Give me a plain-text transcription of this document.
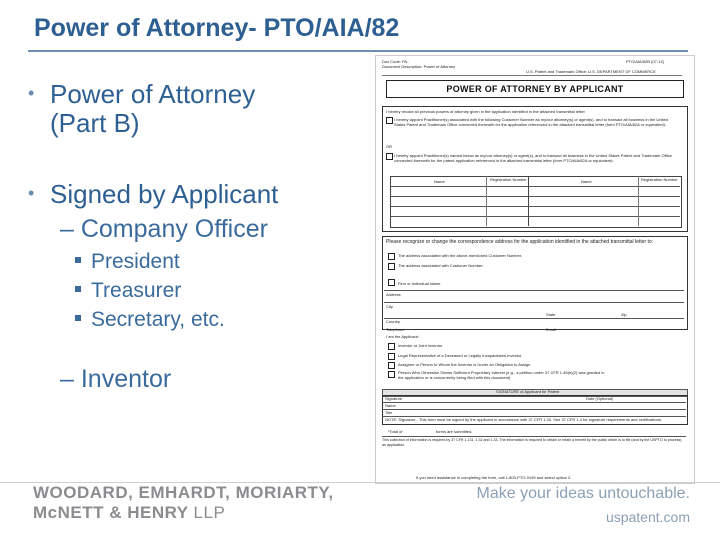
Power of Attorney- PTO/AIA/82
• Power of Attorney
(Part B)
• Signed by Applicant
– Company Officer
President
Treasurer
Secretary, etc.
– Inventor
Doc Code: PA..
Document Description: Power of Attorney
PTO/AIA/82B (07-13)
U.S. Patent and Trademark Office; U.S. DEPARTMENT OF COMMERCE
POWER OF ATTORNEY BY APPLICANT
I hereby revoke all previous powers of attorney given in the application identified in the attached transmittal letter.
I hereby appoint Practitioner(s) associated with the following Customer Number as my/our attorney(s) or agent(s), and to transact all business in the United States Patent and Trademark Office connected therewith for the application referenced in the attached transmittal letter (form PTO/AIA/82A or equivalent):
OR
I hereby appoint Practitioner(s) named below as my/our attorney(s) or agent(s), and to transact all business in the United States Patent and Trademark Office connected therewith for the patent application referenced in the attached transmittal letter (form PTO/AIA/82A or equivalent):
Name	Registration Number	Name	Registration Number
Please recognize or change the correspondence address for the application identified in the attached transmittal letter to:
The address associated with the above-mentioned Customer Number.
The address associated with Customer Number:
Firm or Individual Name
Address
City
State	Zip
Country
Telephone	Email
I am the Applicant:
Inventor or Joint Inventor
Legal Representative of a Deceased or Legally Incapacitated Inventor
Assignee or Person to Whom the Inventor is Under an Obligation to Assign
Person Who Otherwise Shows Sufficient Proprietary Interest (e.g., a petition under 37 CFR 1.46(b)(2) was granted in the application or is concurrently being filed with this document)
SIGNATURE of Applicant for Patent
Signature	Date (Optional)
Name
Title
NOTE: Signature - This form must be signed by the applicant in accordance with 37 CFR 1.33. See 37 CFR 1.4 for signature requirements and certifications.
*Total of	forms are submitted.
This collection of information is required by 37 CFR 1.131, 1.32 and 1.33. The information is required to obtain or retain a benefit by the public which is to file (and by the USPTO to process) an application.
If you need assistance in completing the form, call 1-800-PTO-9199 and select option 2.
WOODARD, EMHARDT, MORIARTY,
McNETT & HENRY LLP
Make your ideas untouchable.
uspatent.com
